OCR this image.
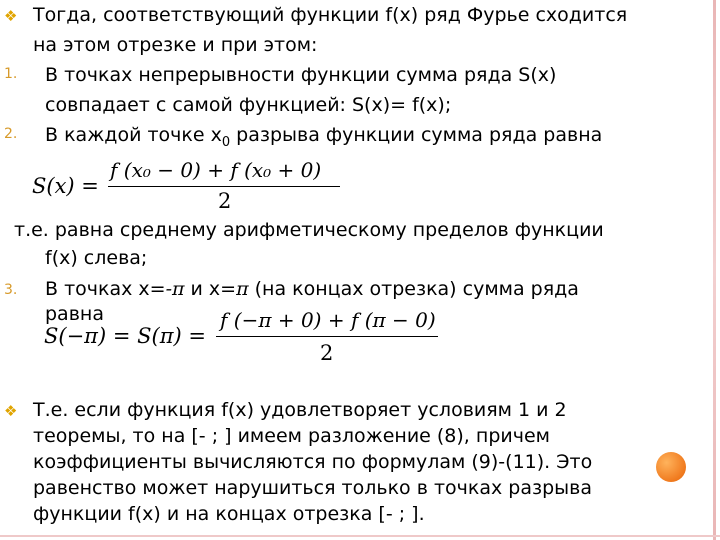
❖ Тогда, соответствующий функции f(x) ряд Фурье сходится
на этом отрезке и при этом:
1. В точках непрерывности функции сумма ряда S(x)
совпадает с самой функцией: S(x)= f(x);
2. В каждой точке $x_0$ разрыва функции сумма ряда равна
S(x) =
f (x₀ − 0) + f (x₀ + 0)
2
т.е. равна среднему арифметическому пределов функции
f(x) слева;
3. В точках x=-π и x=π (на концах отрезка) сумма ряда
равна
S(−π) = S(π) =
f (−π + 0) + f (π − 0)
2
❖ Т.е. если функция f(x) удовлетворяет условиям 1 и 2
теоремы, то на [- ; ] имеем разложение (8), причем
коэффициенты вычисляются по формулам (9)-(11). Это
равенство может нарушиться только в точках разрыва
функции f(x) и на концах отрезка [- ; ].
